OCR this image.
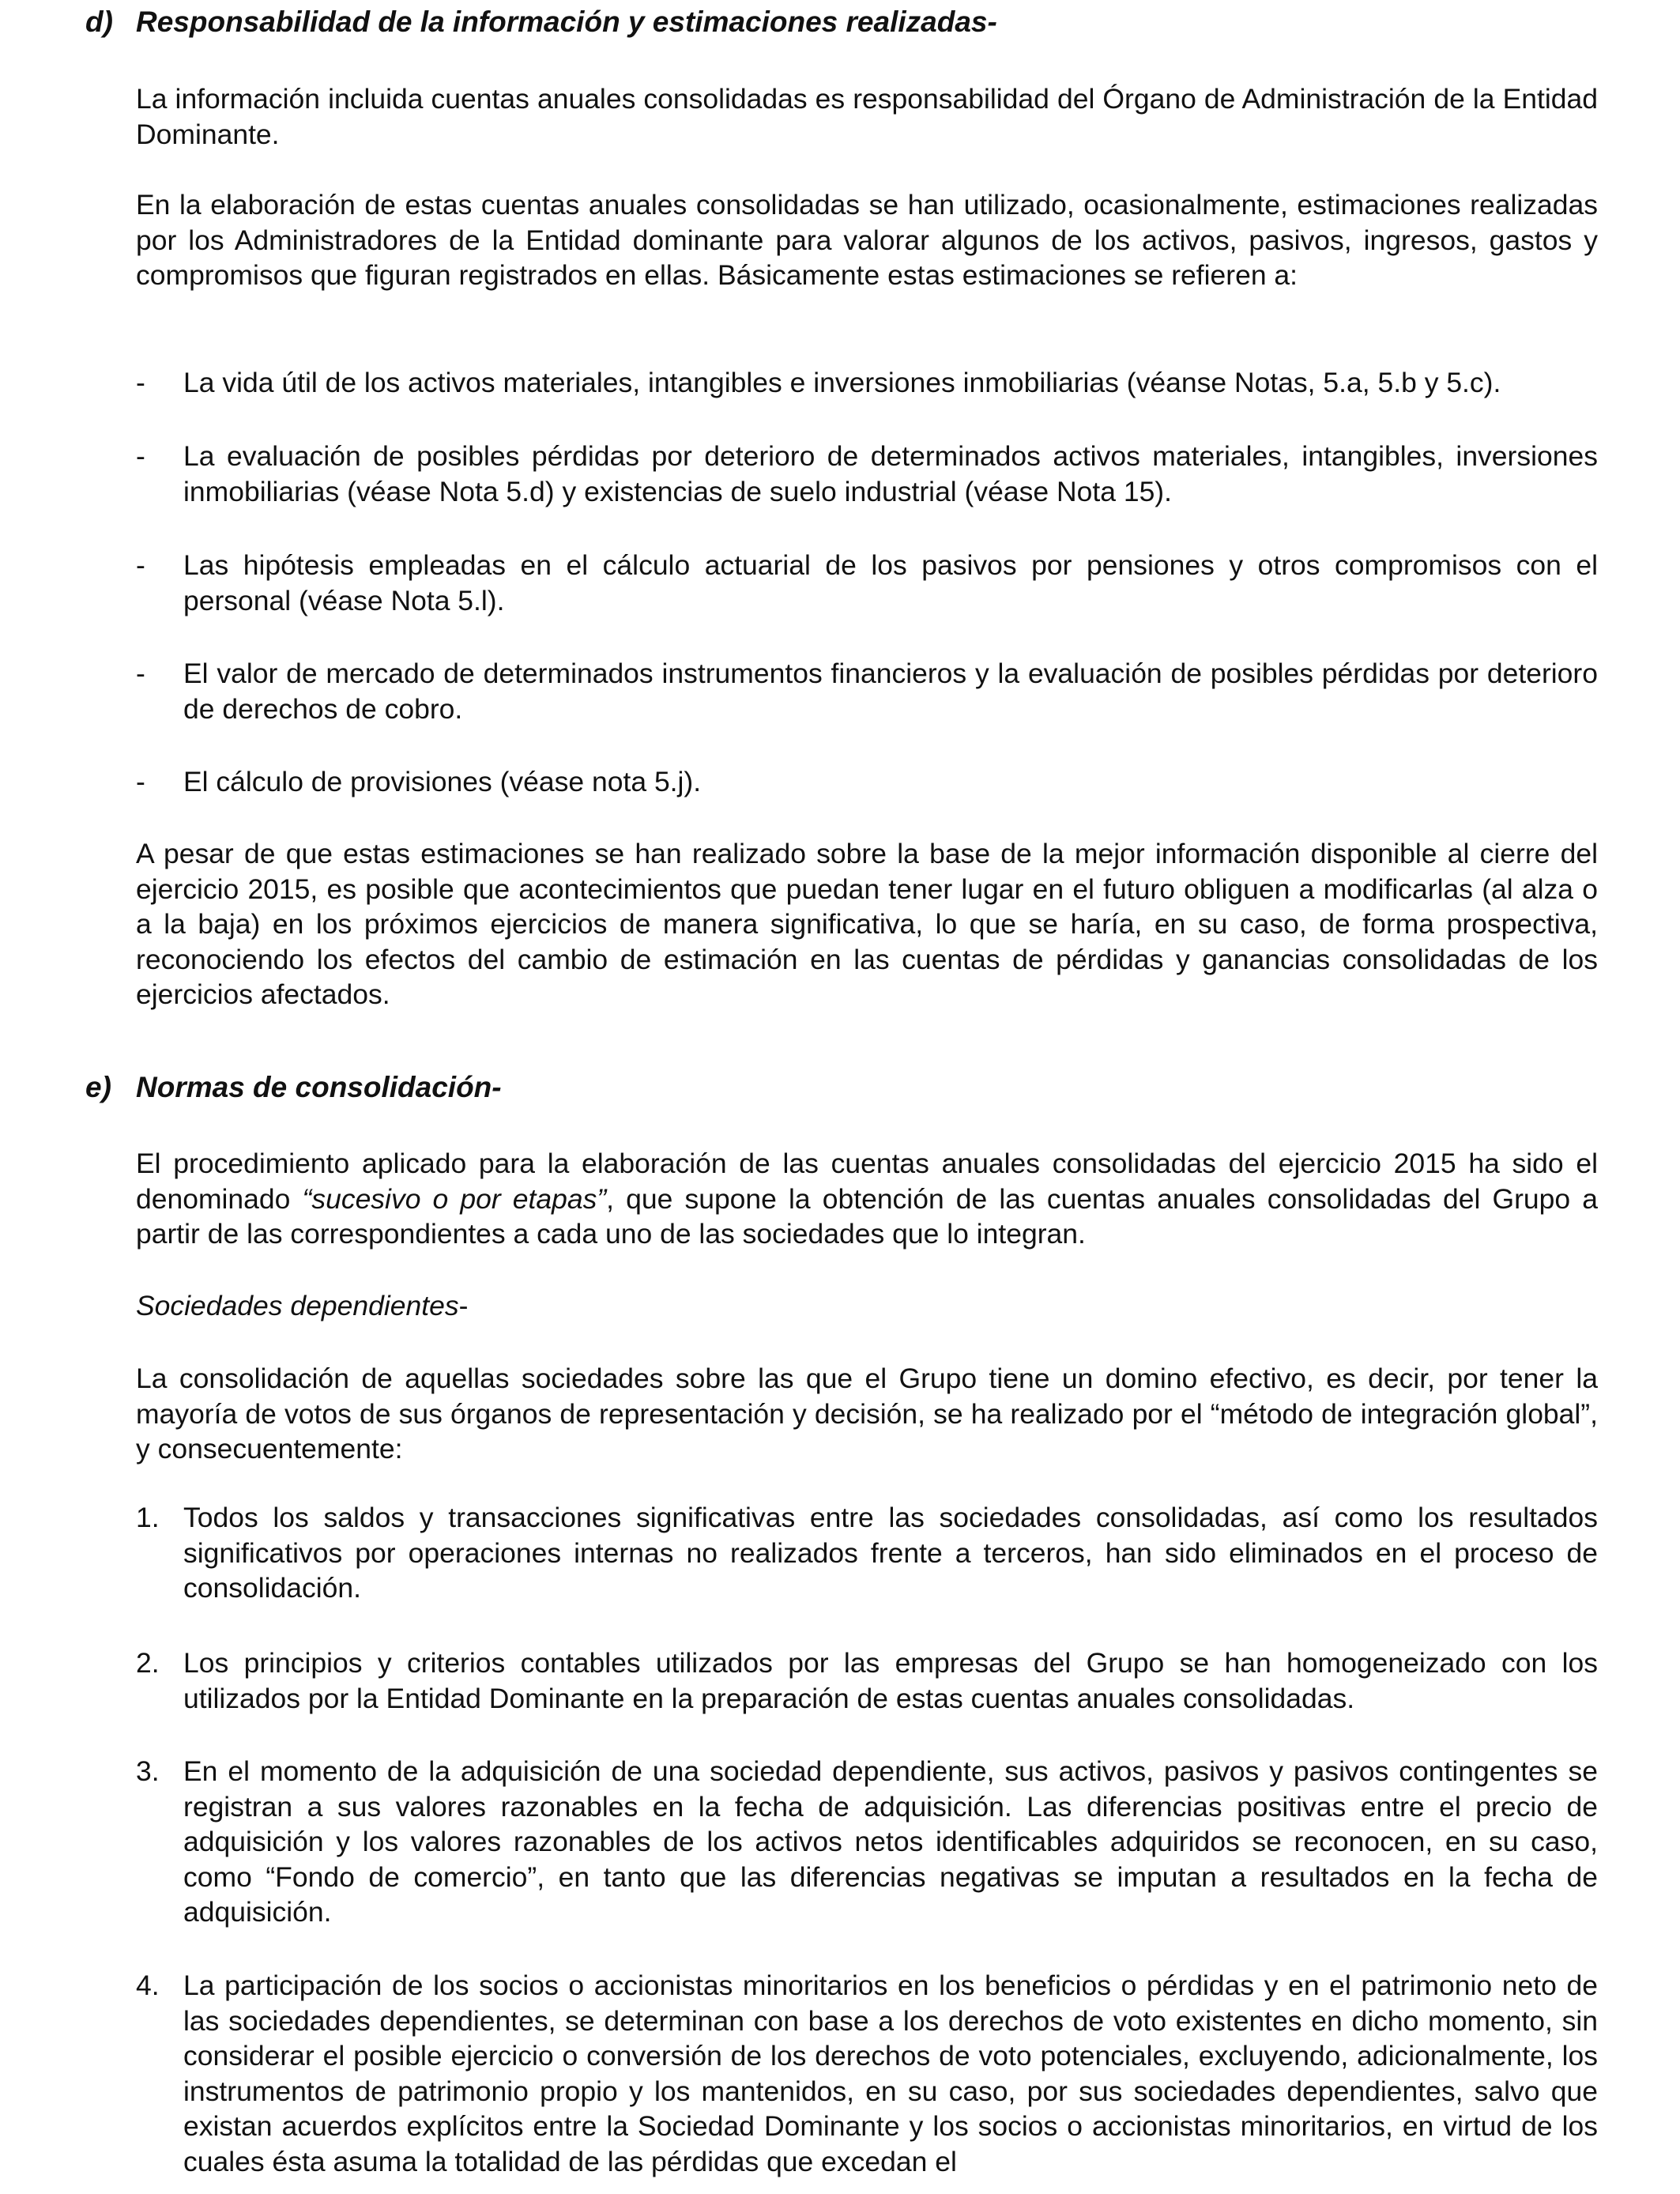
d) Responsabilidad de la información y estimaciones realizadas-
La información incluida cuentas anuales consolidadas es responsabilidad del Órgano de Administración de la Entidad Dominante.
En la elaboración de estas cuentas anuales consolidadas se han utilizado, ocasionalmente, estimaciones realizadas por los Administradores de la Entidad dominante para valorar algunos de los activos, pasivos, ingresos, gastos y compromisos que figuran registrados en ellas. Básicamente estas estimaciones se refieren a:
- La vida útil de los activos materiales, intangibles e inversiones inmobiliarias (véanse Notas, 5.a, 5.b y 5.c).
- La evaluación de posibles pérdidas por deterioro de determinados activos materiales, intangibles, inversiones inmobiliarias (véase Nota 5.d) y existencias de suelo industrial (véase Nota 15).
- Las hipótesis empleadas en el cálculo actuarial de los pasivos por pensiones y otros compromisos con el personal (véase Nota 5.l).
- El valor de mercado de determinados instrumentos financieros y la evaluación de posibles pérdidas por deterioro de derechos de cobro.
- El cálculo de provisiones (véase nota 5.j).
A pesar de que estas estimaciones se han realizado sobre la base de la mejor información disponible al cierre del ejercicio 2015, es posible que acontecimientos que puedan tener lugar en el futuro obliguen a modificarlas (al alza o a la baja) en los próximos ejercicios de manera significativa, lo que se haría, en su caso, de forma prospectiva, reconociendo los efectos del cambio de estimación en las cuentas de pérdidas y ganancias consolidadas de los ejercicios afectados.
e) Normas de consolidación-
El procedimiento aplicado para la elaboración de las cuentas anuales consolidadas del ejercicio 2015 ha sido el denominado “sucesivo o por etapas”, que supone la obtención de las cuentas anuales consolidadas del Grupo a partir de las correspondientes a cada uno de las sociedades que lo integran.
Sociedades dependientes-
La consolidación de aquellas sociedades sobre las que el Grupo tiene un domino efectivo, es decir, por tener la mayoría de votos de sus órganos de representación y decisión, se ha realizado por el “método de integración global”, y consecuentemente:
1. Todos los saldos y transacciones significativas entre las sociedades consolidadas, así como los resultados significativos por operaciones internas no realizados frente a terceros, han sido eliminados en el proceso de consolidación.
2. Los principios y criterios contables utilizados por las empresas del Grupo se han homogeneizado con los utilizados por la Entidad Dominante en la preparación de estas cuentas anuales consolidadas.
3. En el momento de la adquisición de una sociedad dependiente, sus activos, pasivos y pasivos contingentes se registran a sus valores razonables en la fecha de adquisición. Las diferencias positivas entre el precio de adquisición y los valores razonables de los activos netos identificables adquiridos se reconocen, en su caso, como “Fondo de comercio”, en tanto que las diferencias negativas se imputan a resultados en la fecha de adquisición.
4. La participación de los socios o accionistas minoritarios en los beneficios o pérdidas y en el patrimonio neto de las sociedades dependientes, se determinan con base a los derechos de voto existentes en dicho momento, sin considerar el posible ejercicio o conversión de los derechos de voto potenciales, excluyendo, adicionalmente, los instrumentos de patrimonio propio y los mantenidos, en su caso, por sus sociedades dependientes, salvo que existan acuerdos explícitos entre la Sociedad Dominante y los socios o accionistas minoritarios, en virtud de los cuales ésta asuma la totalidad de las pérdidas que excedan el
